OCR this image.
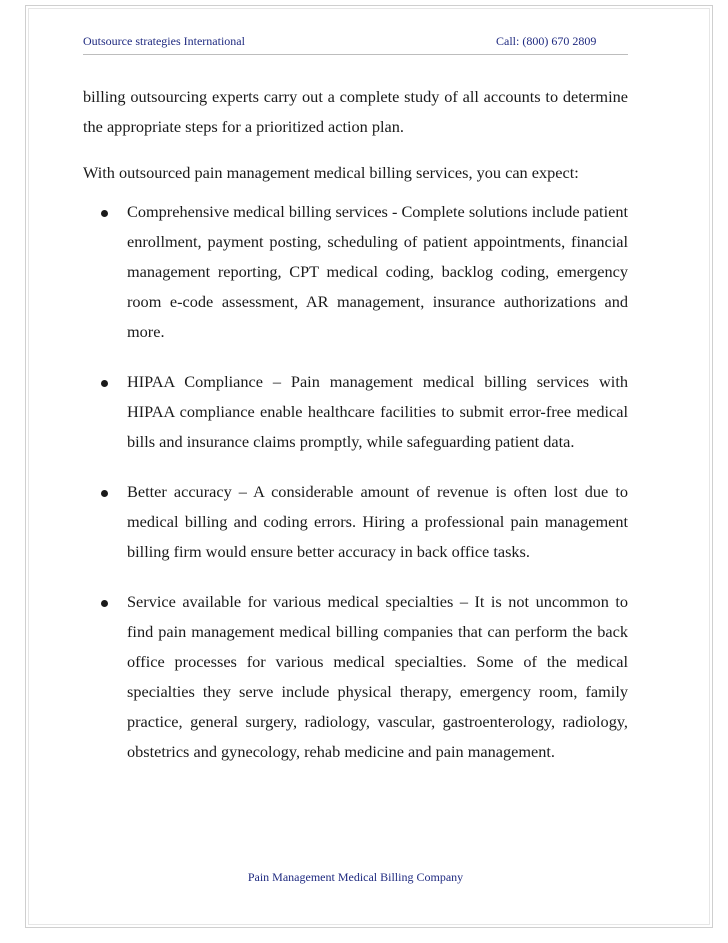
Outsource strategies International	Call: (800) 670 2809

billing outsourcing experts carry out a complete study of all accounts to determine the appropriate steps for a prioritized action plan.

With outsourced pain management medical billing services, you can expect:

Comprehensive medical billing services - Complete solutions include patient enrollment, payment posting, scheduling of patient appointments, financial management reporting, CPT medical coding, backlog coding, emergency room e-code assessment, AR management, insurance authorizations and more.
HIPAA Compliance – Pain management medical billing services with HIPAA compliance enable healthcare facilities to submit error-free medical bills and insurance claims promptly, while safeguarding patient data.
Better accuracy – A considerable amount of revenue is often lost due to medical billing and coding errors. Hiring a professional pain management billing firm would ensure better accuracy in back office tasks.
Service available for various medical specialties – It is not uncommon to find pain management medical billing companies that can perform the back office processes for various medical specialties. Some of the medical specialties they serve include physical therapy, emergency room, family practice, general surgery, radiology, vascular, gastroenterology, radiology, obstetrics and gynecology, rehab medicine and pain management.
Pain Management Medical Billing Company
